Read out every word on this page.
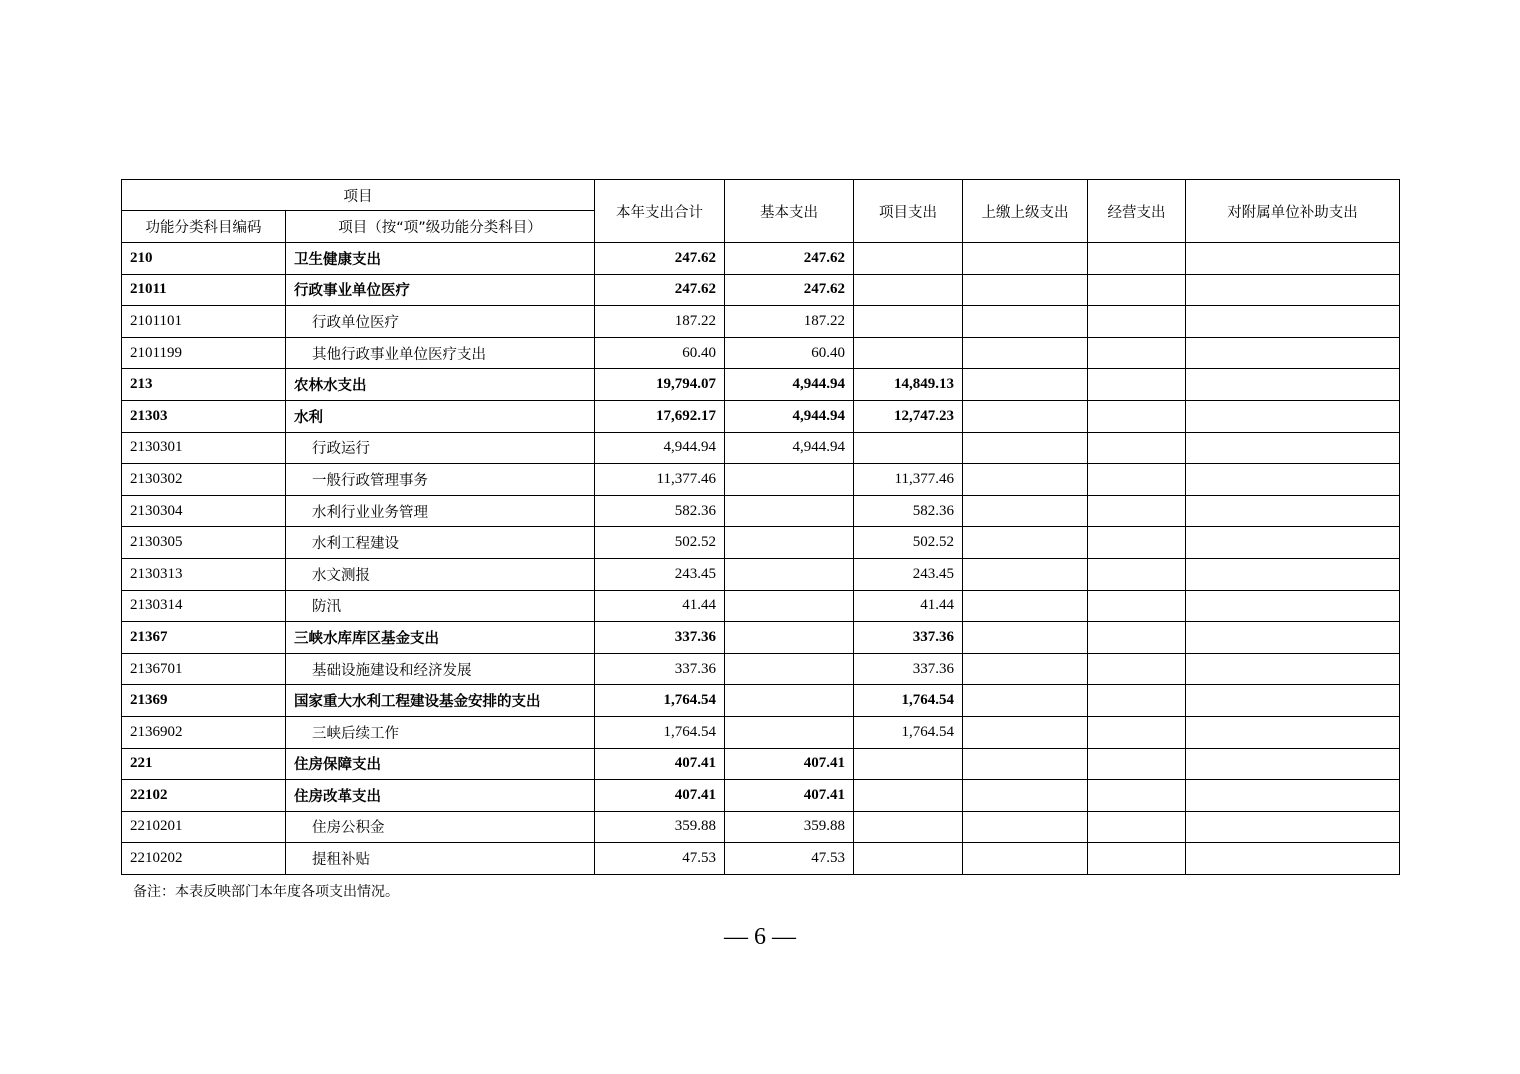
项目		本年支出合计	基本支出	项目支出	上缴上级支出	经营支出	对附属单位补助支出
功能分类科目编码	项目（按“项”级功能分类科目）						
210	卫生健康支出	247.62	247.62				
21011	行政事业单位医疗	247.62	247.62				
2101101	行政单位医疗	187.22	187.22				
2101199	其他行政事业单位医疗支出	60.40	60.40				
213	农林水支出	19,794.07	4,944.94	14,849.13			
21303	水利	17,692.17	4,944.94	12,747.23			
2130301	行政运行	4,944.94	4,944.94				
2130302	一般行政管理事务	11,377.46		11,377.46			
2130304	水利行业业务管理	582.36		582.36			
2130305	水利工程建设	502.52		502.52			
2130313	水文测报	243.45		243.45			
2130314	防汛	41.44		41.44			
21367	三峡水库库区基金支出	337.36		337.36			
2136701	基础设施建设和经济发展	337.36		337.36			
21369	国家重大水利工程建设基金安排的支出	1,764.54		1,764.54			
2136902	三峡后续工作	1,764.54		1,764.54			
221	住房保障支出	407.41	407.41				
22102	住房改革支出	407.41	407.41				
2210201	住房公积金	359.88	359.88				
2210202	提租补贴	47.53	47.53				
备注：本表反映部门本年度各项支出情况。
— 6 —
